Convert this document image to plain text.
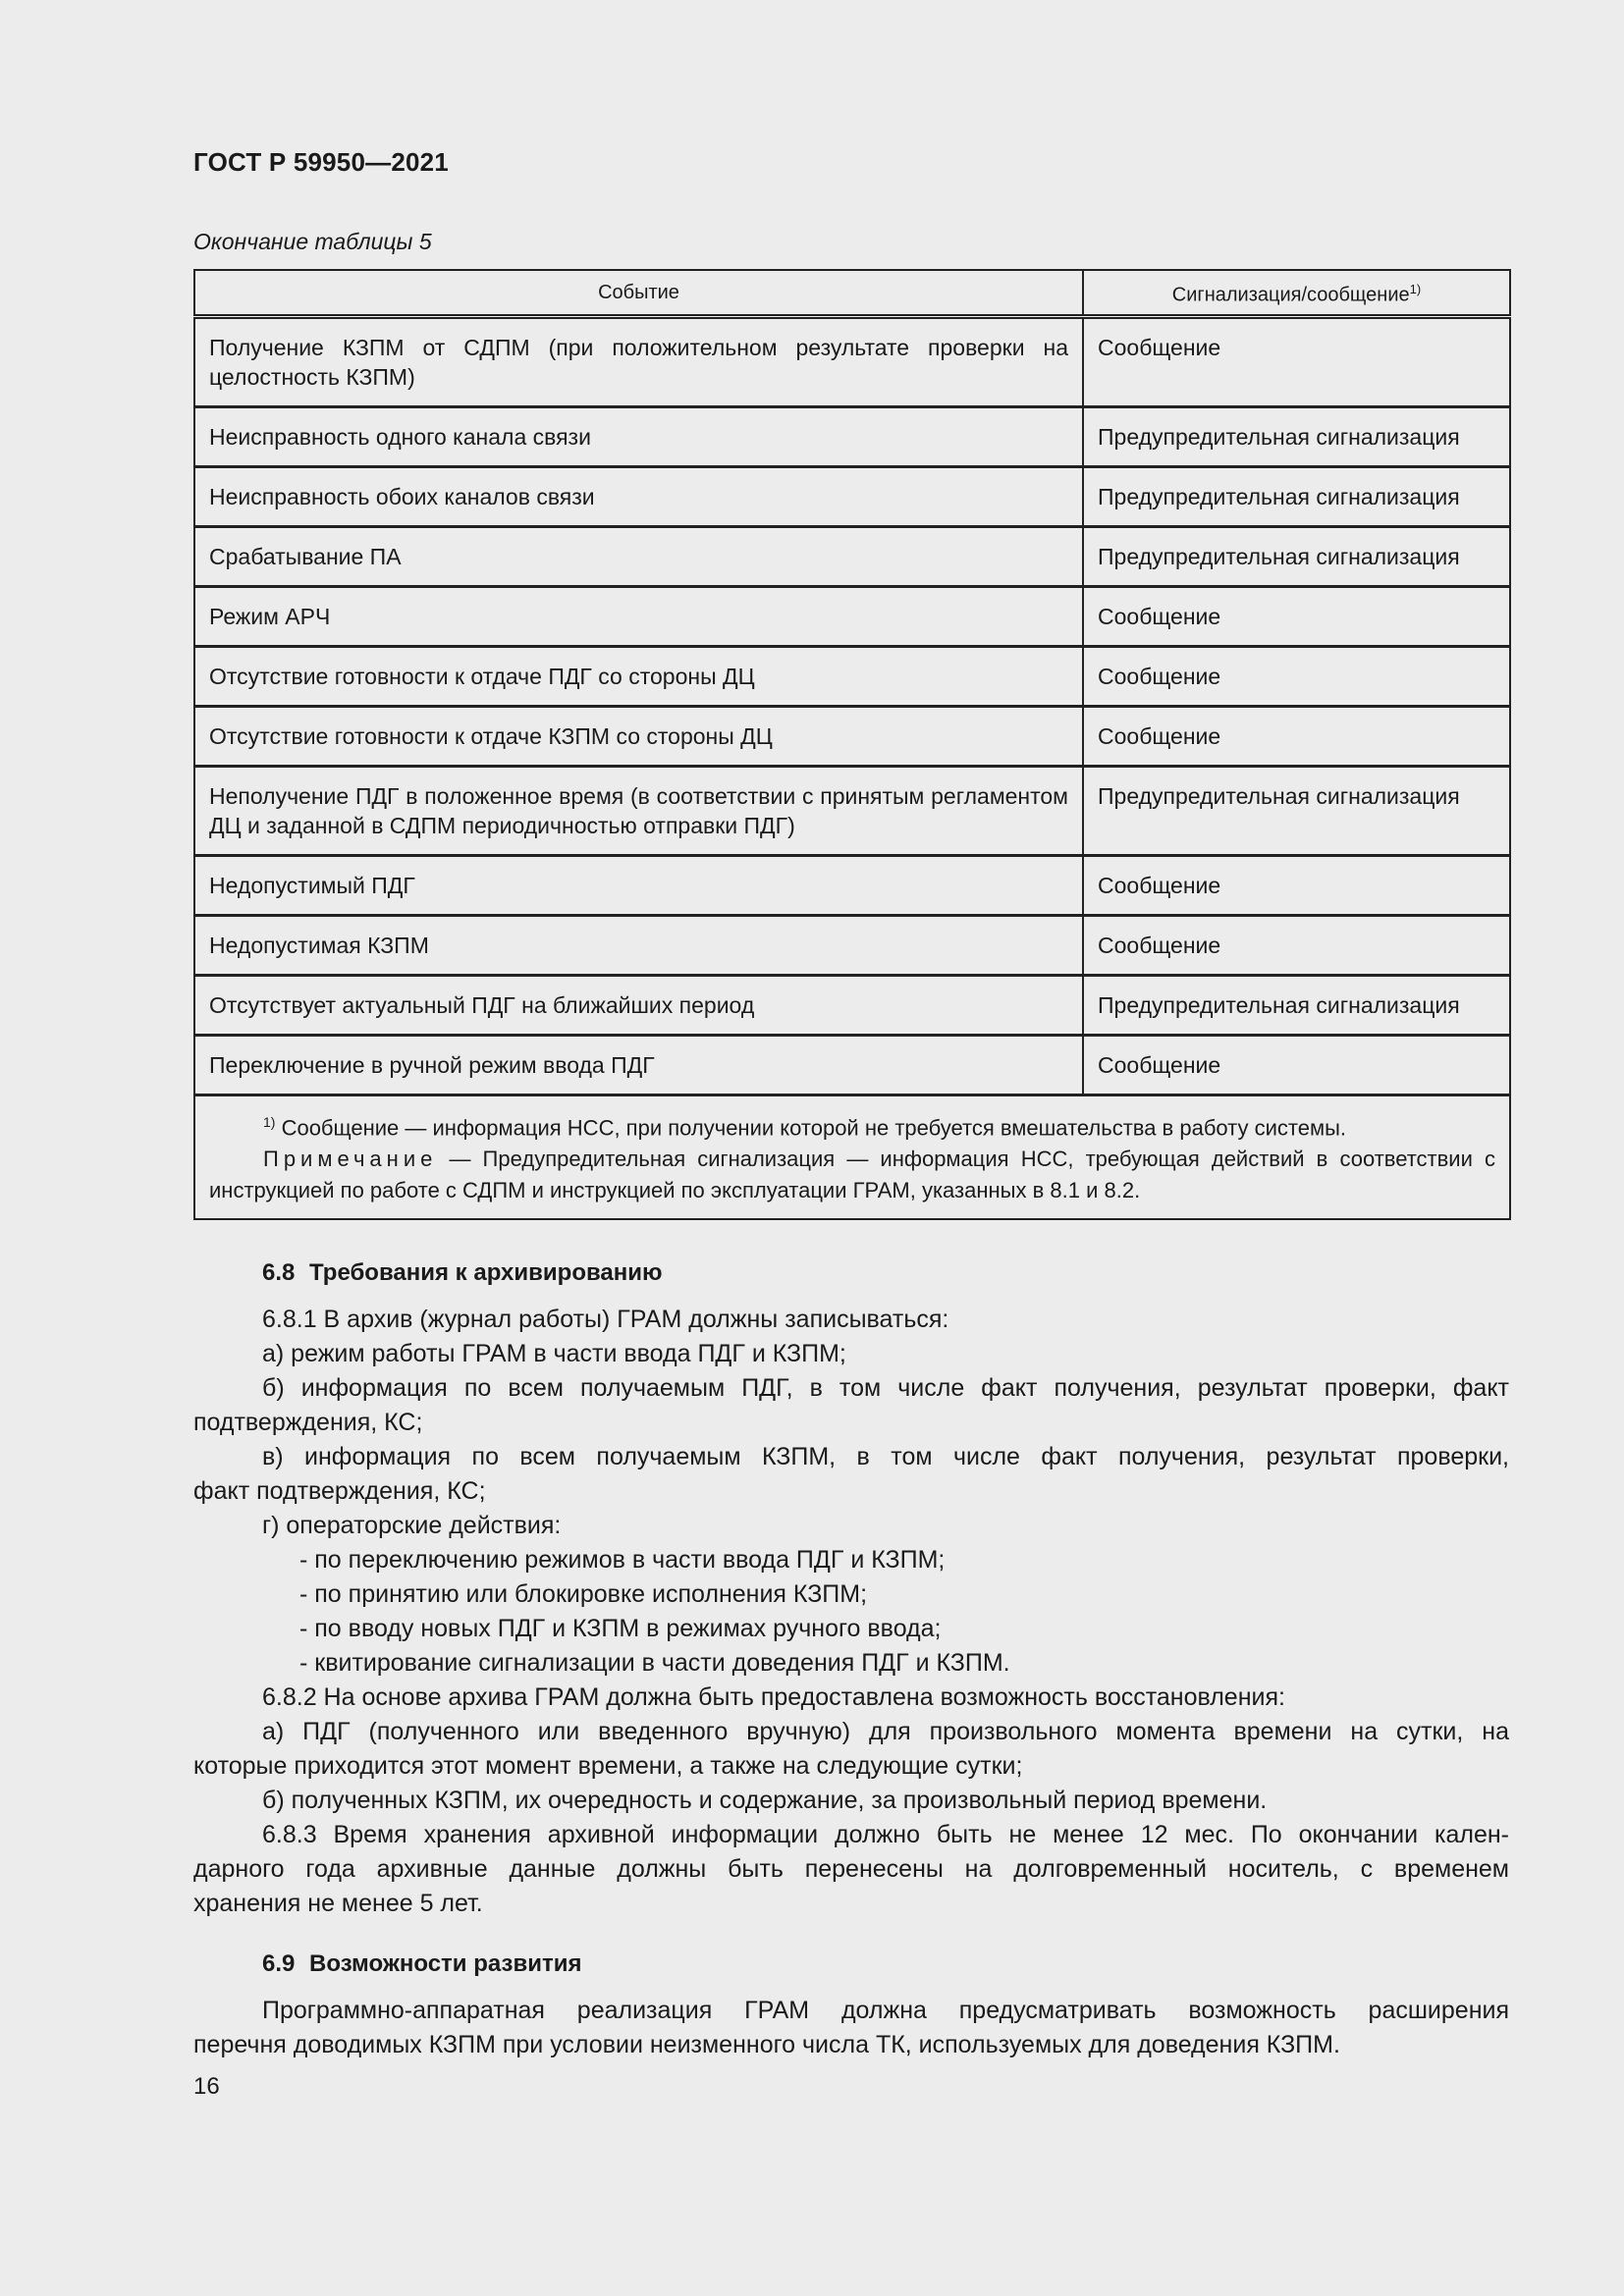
ГОСТ Р 59950—2021

Окончание таблицы 5
Событие	Сигнализация/сообщение$^{1)}$
Получение КЗПМ от СДПМ (при положительном результате проверки на целостность КЗПМ)	Сообщение
Неисправность одного канала связи	Предупредительная сигнализация
Неисправность обоих каналов связи	Предупредительная сигнализация
Срабатывание ПА	Предупредительная сигнализация
Режим АРЧ	Сообщение
Отсутствие готовности к отдаче ПДГ со стороны ДЦ	Сообщение
Отсутствие готовности к отдаче КЗПМ со стороны ДЦ	Сообщение
Неполучение ПДГ в положенное время (в соответствии с принятым регламентом ДЦ и заданной в СДПМ периодичностью отправки ПДГ)	Предупредительная сигнализация
Недопустимый ПДГ	Сообщение
Недопустимая КЗПМ	Сообщение
Отсутствует актуальный ПДГ на ближайших период	Предупредительная сигнализация
Переключение в ручной режим ввода ПДГ	Сообщение

$^{1)}$ Сообщение — информация НСС, при получении которой не требуется вмешательства в работу системы.

Примечание — Предупредительная сигнализация — информация НСС, требующая действий в соответствии с инструкцией по работе с СДПМ и инструкцией по эксплуатации ГРАМ, указанных в 8.1 и 8.2.	

6.8 Требования к архивированию

6.8.1 В архив (журнал работы) ГРАМ должны записываться:

а) режим работы ГРАМ в части ввода ПДГ и КЗПМ;

б) информация по всем получаемым ПДГ, в том числе факт получения, результат проверки, факт

подтверждения, КС;

в) информация по всем получаемым КЗПМ, в том числе факт получения, результат проверки,

факт подтверждения, КС;

г) операторские действия:

- по переключению режимов в части ввода ПДГ и КЗПМ;

- по принятию или блокировке исполнения КЗПМ;

- по вводу новых ПДГ и КЗПМ в режимах ручного ввода;

- квитирование сигнализации в части доведения ПДГ и КЗПМ.

6.8.2 На основе архива ГРАМ должна быть предоставлена возможность восстановления:

а) ПДГ (полученного или введенного вручную) для произвольного момента времени на сутки, на

которые приходится этот момент времени, а также на следующие сутки;

б) полученных КЗПМ, их очередность и содержание, за произвольный период времени.

6.8.3 Время хранения архивной информации должно быть не менее 12 мес. По окончании кален-

дарного года архивные данные должны быть перенесены на долговременный носитель, с временем

хранения не менее 5 лет.

6.9 Возможности развития

Программно-аппаратная реализация ГРАМ должна предусматривать возможность расширения

перечня доводимых КЗПМ при условии неизменного числа ТК, используемых для доведения КЗПМ.

16
